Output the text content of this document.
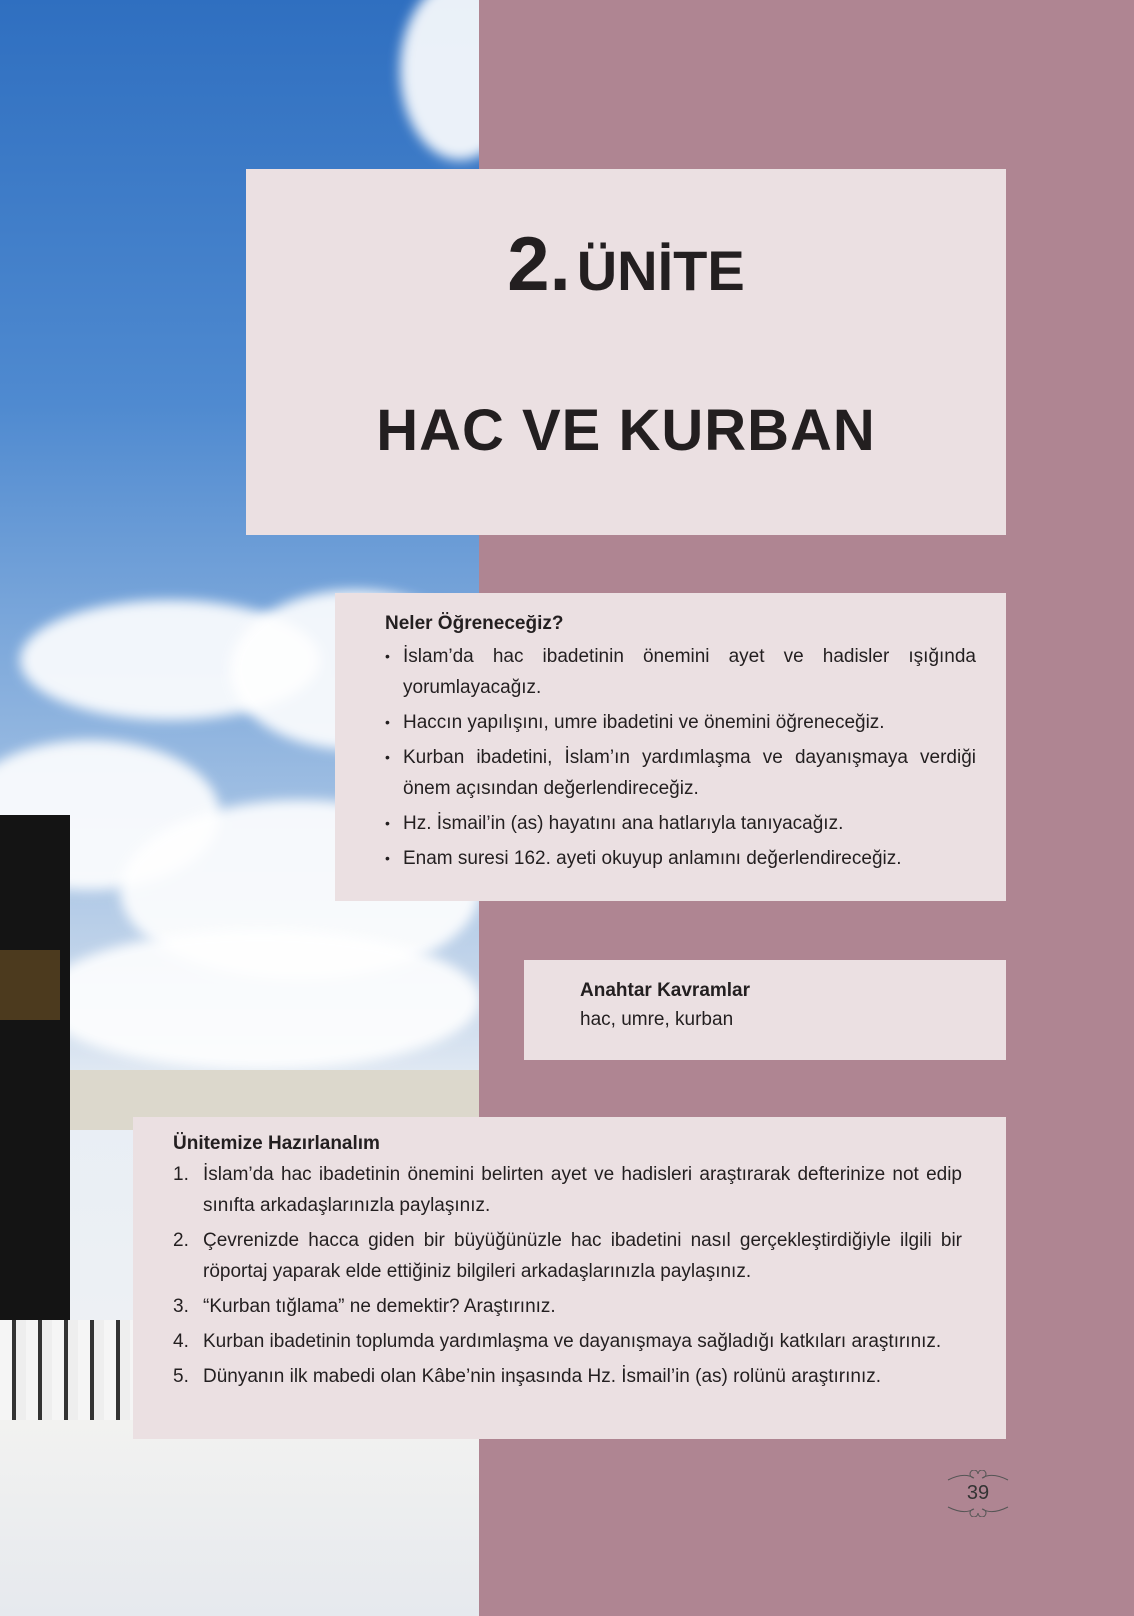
2. ÜNİTE
HAC VE KURBAN
Neler Öğreneceğiz?
• İslam’da hac ibadetinin önemini ayet ve hadisler ışığında yorumlayacağız.
• Haccın yapılışını, umre ibadetini ve önemini öğreneceğiz.
• Kurban ibadetini, İslam’ın yardımlaşma ve dayanışmaya verdiği önem açısından değerlendireceğiz.
• Hz. İsmail’in (as) hayatını ana hatlarıyla tanıyacağız.
• Enam suresi 162. ayeti okuyup anlamını değerlendireceğiz.
Anahtar Kavramlar
hac, umre, kurban
Ünitemize Hazırlanalım
1. İslam’da hac ibadetinin önemini belirten ayet ve hadisleri araştırarak defterinize not edip sınıfta arkadaşlarınızla paylaşınız.
2. Çevrenizde hacca giden bir büyüğünüzle hac ibadetini nasıl gerçekleştirdiğiyle ilgili bir röportaj yaparak elde ettiğiniz bilgileri arkadaşlarınızla paylaşınız.
3. “Kurban tığlama” ne demektir? Araştırınız.
4. Kurban ibadetinin toplumda yardımlaşma ve dayanışmaya sağladığı katkıları araştırınız.
5. Dünyanın ilk mabedi olan Kâbe’nin inşasında Hz. İsmail’in (as) rolünü araştırınız.
39
